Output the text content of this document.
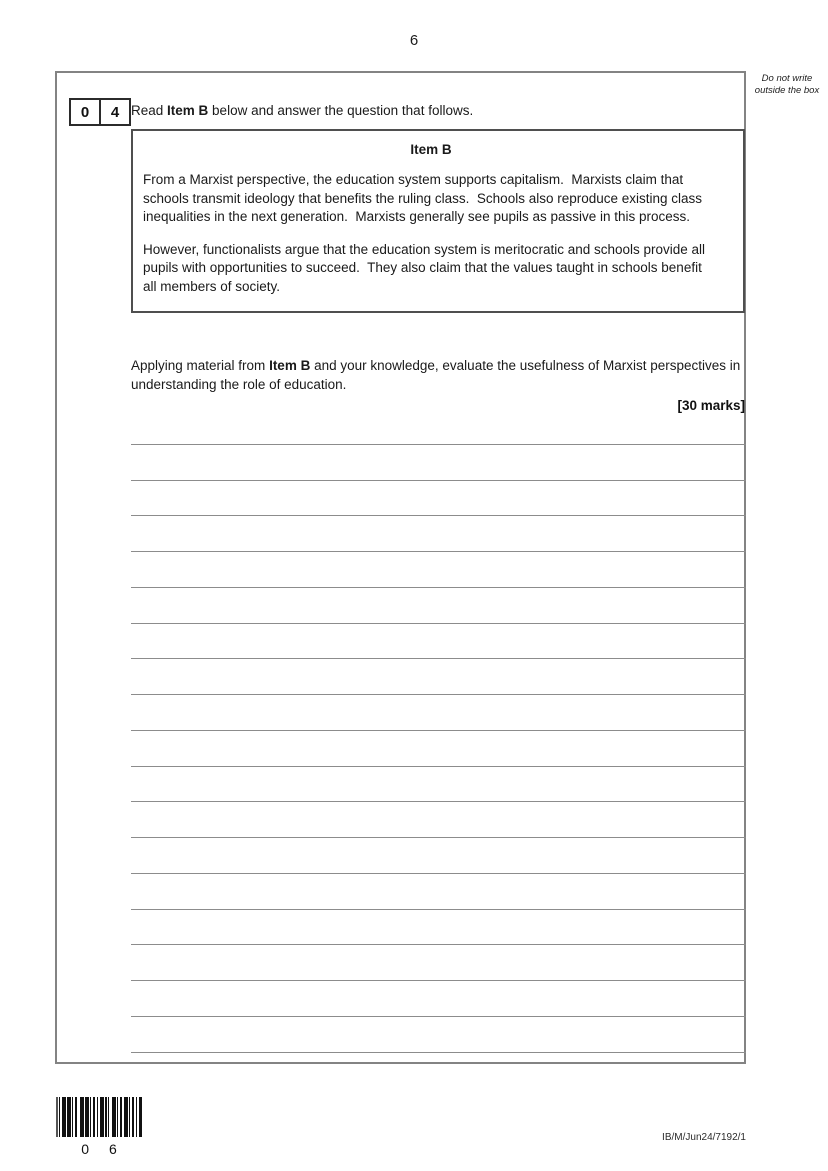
6
Do not write outside the box
0	4 Read Item B below and answer the question that follows.
Item B

From a Marxist perspective, the education system supports capitalism.  Marxists claim that schools transmit ideology that benefits the ruling class.  Schools also reproduce existing class inequalities in the next generation.  Marxists generally see pupils as passive in this process.

However, functionalists argue that the education system is meritocratic and schools provide all pupils with opportunities to succeed.  They also claim that the values taught in schools benefit all members of society.

Applying material from Item B and your knowledge, evaluate the usefulness of Marxist perspectives in understanding the role of education.
[30 marks]
0 6
IB/M/Jun24/7192/1
